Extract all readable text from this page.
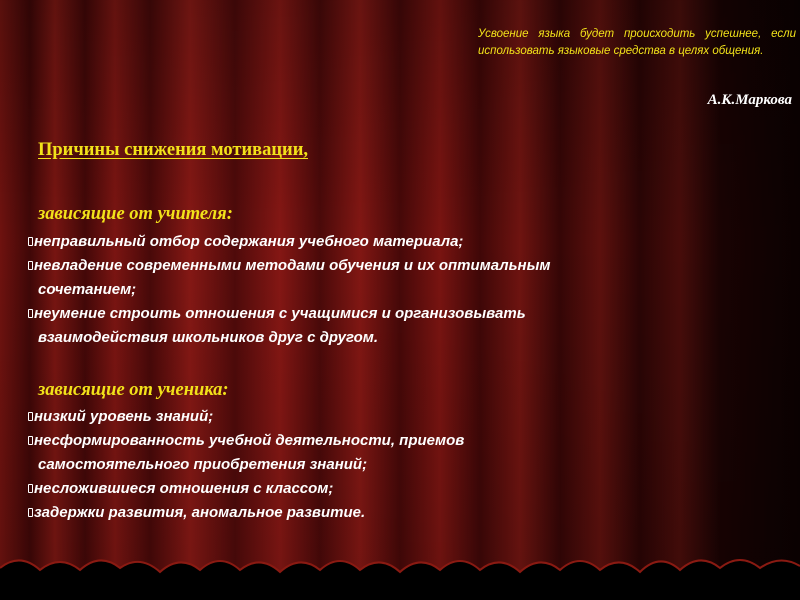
Усвоение языка будет происходить успешнее, если использовать языковые средства в целях общения.
А.К.Маркова
Причины снижения мотивации,
зависящие от учителя:
неправильный отбор содержания учебного материала;
невладение современными методами обучения и их оптимальным
сочетанием;
неумение строить отношения с учащимися и организовывать
взаимодействия школьников друг с другом.
зависящие от ученика:
низкий уровень знаний;
несформированность учебной деятельности, приемов
самостоятельного приобретения знаний;
несложившиеся отношения с классом;
задержки развития, аномальное развитие.
